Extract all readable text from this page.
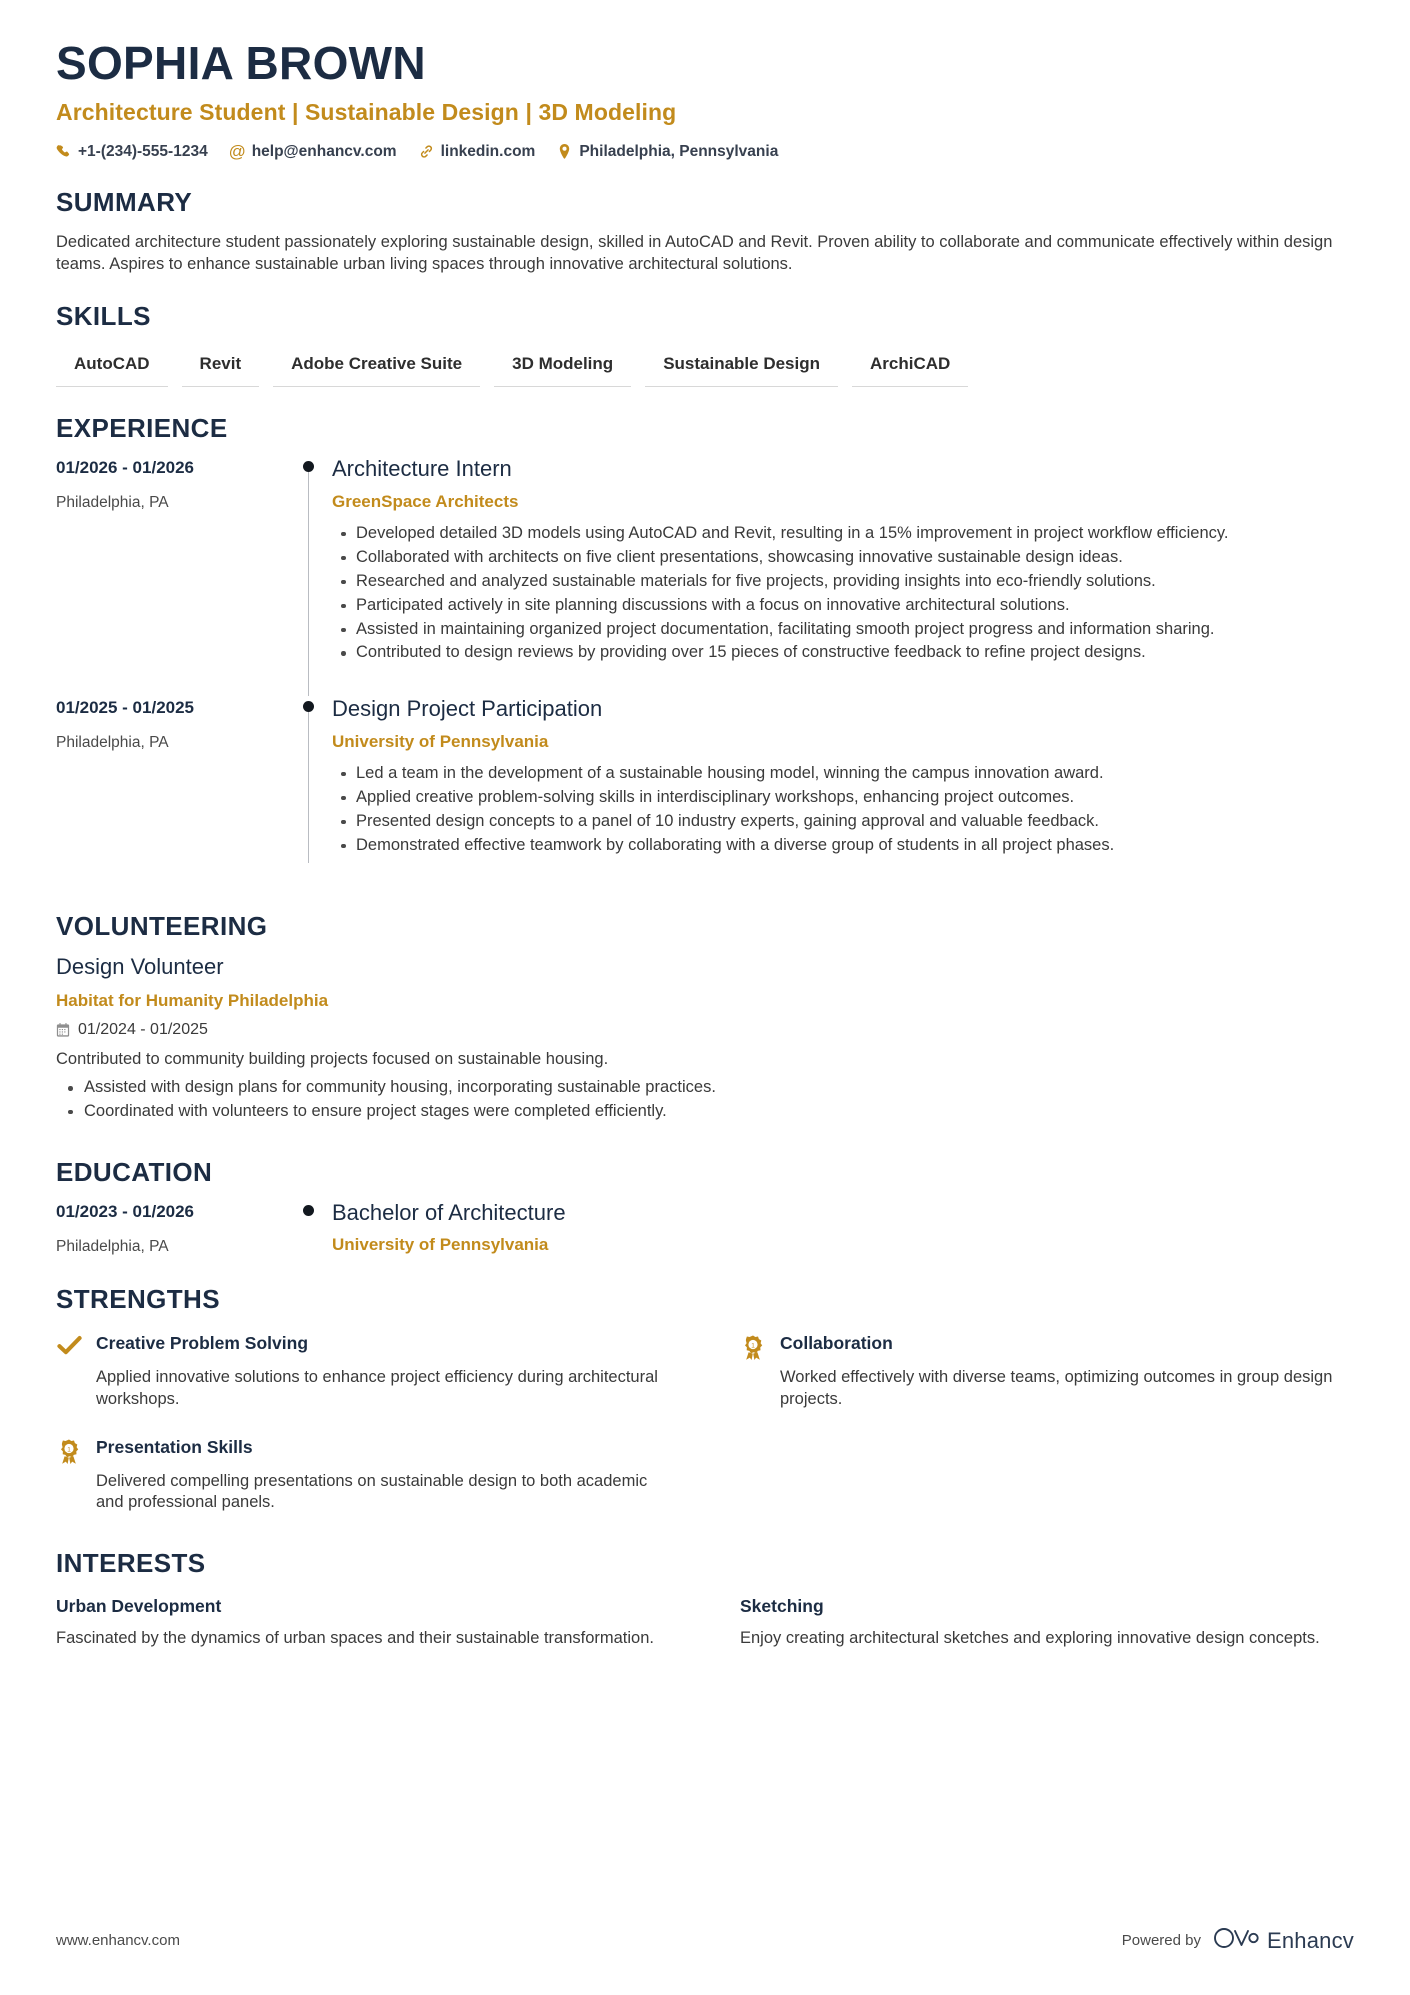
SOPHIA BROWN
Architecture Student | Sustainable Design | 3D Modeling
+1-(234)-555-1234 @ help@enhancv.com	linkedin.com	Philadelphia, Pennsylvania
SUMMARY
Dedicated architecture student passionately exploring sustainable design, skilled in AutoCAD and Revit. Proven ability to collaborate and communicate effectively within design teams. Aspires to enhance sustainable urban living spaces through innovative architectural solutions.
SKILLS
AutoCAD	Revit	Adobe Creative Suite	3D Modeling	Sustainable Design	ArchiCAD
EXPERIENCE
01/2026 - 01/2026
Philadelphia, PA
Architecture Intern
GreenSpace Architects
Developed detailed 3D models using AutoCAD and Revit, resulting in a 15% improvement in project workflow efficiency.
Collaborated with architects on five client presentations, showcasing innovative sustainable design ideas.
Researched and analyzed sustainable materials for five projects, providing insights into eco-friendly solutions.
Participated actively in site planning discussions with a focus on innovative architectural solutions.
Assisted in maintaining organized project documentation, facilitating smooth project progress and information sharing.
Contributed to design reviews by providing over 15 pieces of constructive feedback to refine project designs.
01/2025 - 01/2025
Philadelphia, PA
Design Project Participation
University of Pennsylvania
Led a team in the development of a sustainable housing model, winning the campus innovation award.
Applied creative problem-solving skills in interdisciplinary workshops, enhancing project outcomes.
Presented design concepts to a panel of 10 industry experts, gaining approval and valuable feedback.
Demonstrated effective teamwork by collaborating with a diverse group of students in all project phases.
VOLUNTEERING
Design Volunteer
Habitat for Humanity Philadelphia
01/2024 - 01/2025
Contributed to community building projects focused on sustainable housing.
Assisted with design plans for community housing, incorporating sustainable practices.
Coordinated with volunteers to ensure project stages were completed efficiently.
EDUCATION
01/2023 - 01/2026
Philadelphia, PA
Bachelor of Architecture
University of Pennsylvania
STRENGTHS
Creative Problem Solving
Applied innovative solutions to enhance project efficiency during architectural workshops.
1 Collaboration
Worked effectively with diverse teams, optimizing outcomes in group design projects.
1 Presentation Skills
Delivered compelling presentations on sustainable design to both academic and professional panels.
INTERESTS
Urban Development
Fascinated by the dynamics of urban spaces and their sustainable transformation.
Sketching
Enjoy creating architectural sketches and exploring innovative design concepts.
www.enhancv.com	Powered by	Enhancv
